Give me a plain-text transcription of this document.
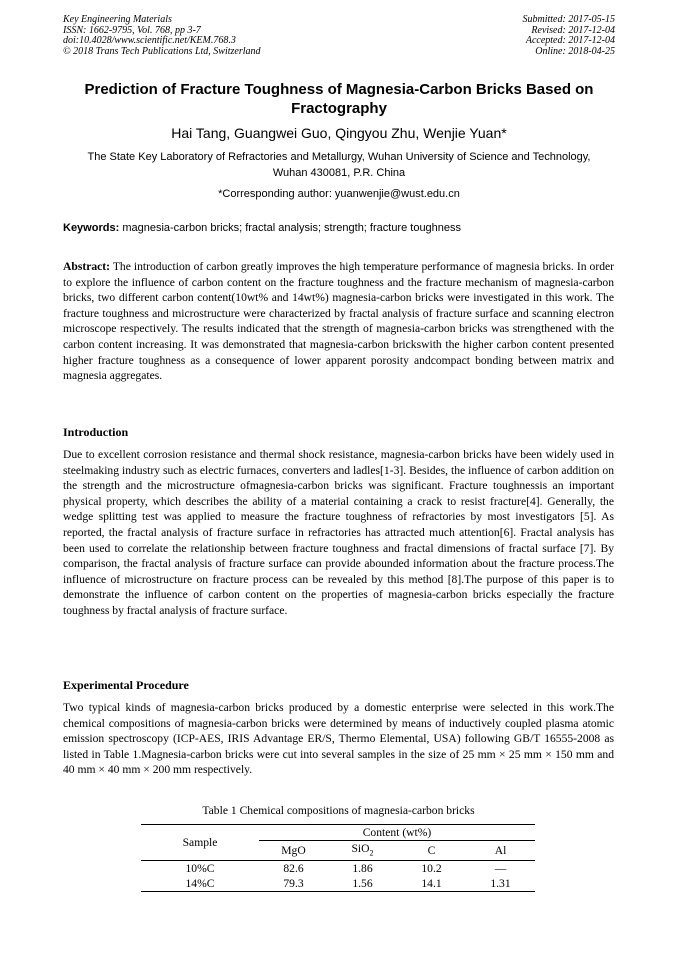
Key Engineering Materials
ISSN: 1662-9795, Vol. 768, pp 3-7
doi:10.4028/www.scientific.net/KEM.768.3
© 2018 Trans Tech Publications Ltd, Switzerland
Submitted: 2017-05-15
Revised: 2017-12-04
Accepted: 2017-12-04
Online: 2018-04-25
Prediction of Fracture Toughness of Magnesia-Carbon Bricks Based on Fractography
Hai Tang, Guangwei Guo, Qingyou Zhu, Wenjie Yuan*
The State Key Laboratory of Refractories and Metallurgy, Wuhan University of Science and Technology, Wuhan 430081, P.R. China
*Corresponding author: yuanwenjie@wust.edu.cn
Keywords: magnesia-carbon bricks; fractal analysis; strength; fracture toughness
Abstract: The introduction of carbon greatly improves the high temperature performance of magnesia bricks. In order to explore the influence of carbon content on the fracture toughness and the fracture mechanism of magnesia-carbon bricks, two different carbon content(10wt% and 14wt%) magnesia-carbon bricks were investigated in this work. The fracture toughness and microstructure were characterized by fractal analysis of fracture surface and scanning electron microscope respectively. The results indicated that the strength of magnesia-carbon bricks was strengthened with the carbon content increasing. It was demonstrated that magnesia-carbon brickswith the higher carbon content presented higher fracture toughness as a consequence of lower apparent porosity andcompact bonding between matrix and magnesia aggregates.
Introduction
Due to excellent corrosion resistance and thermal shock resistance, magnesia-carbon bricks have been widely used in steelmaking industry such as electric furnaces, converters and ladles[1-3]. Besides, the influence of carbon addition on the strength and the microstructure ofmagnesia-carbon bricks was significant. Fracture toughnessis an important physical property, which describes the ability of a material containing a crack to resist fracture[4]. Generally, the wedge splitting test was applied to measure the fracture toughness of refractories by most investigators [5]. As reported, the fractal analysis of fracture surface in refractories has attracted much attention[6]. Fractal analysis has been used to correlate the relationship between fracture toughness and fractal dimensions of fractal surface [7]. By comparison, the fractal analysis of fracture surface can provide abounded information about the fracture process.The influence of microstructure on fracture process can be revealed by this method [8].The purpose of this paper is to demonstrate the influence of carbon content on the properties of magnesia-carbon bricks especially the fracture toughness by fractal analysis of fracture surface.
Experimental Procedure
Two typical kinds of magnesia-carbon bricks produced by a domestic enterprise were selected in this work.The chemical compositions of magnesia-carbon bricks were determined by means of inductively coupled plasma atomic emission spectroscopy (ICP-AES, IRIS Advantage ER/S, Thermo Elemental, USA) following GB/T 16555-2008 as listed in Table 1.Magnesia-carbon bricks were cut into several samples in the size of 25 mm × 25 mm × 150 mm and 40 mm × 40 mm × 200 mm respectively.
Table 1 Chemical compositions of magnesia-carbon bricks
Sample	Content (wt%)			
	MgO	SiO$_2$	C	Al
10%C	82.6	1.86	10.2	—
14%C	79.3	1.56	14.1	1.31
